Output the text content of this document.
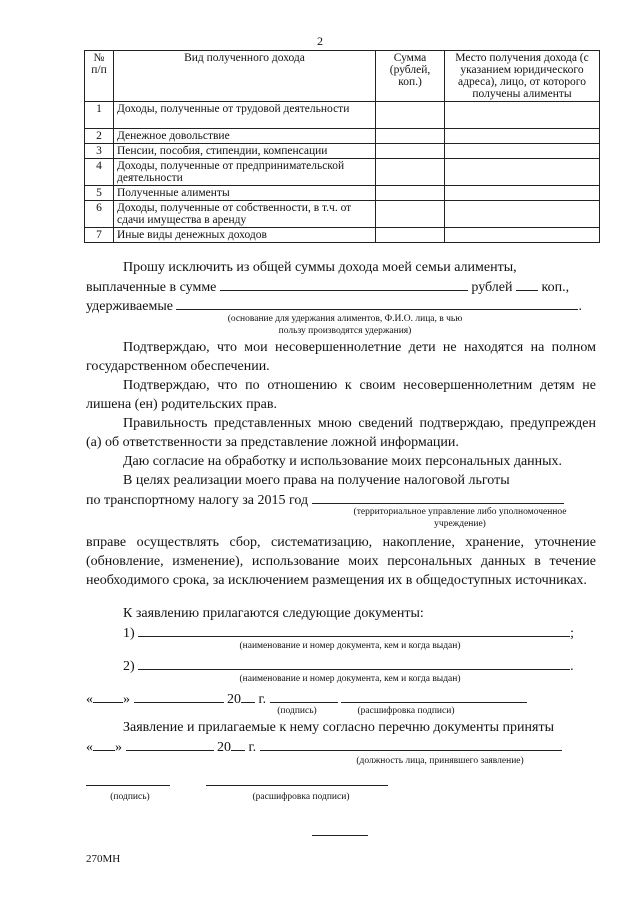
2
№ п/п	Вид полученного дохода	Сумма (рублей, коп.)	Место получения дохода (с указанием юридического адреса), лицо, от которого получены алименты
1	Доходы, полученные от трудовой деятельности		
2	Денежное довольствие		
3	Пенсии, пособия, стипендии, компенсации		
4	Доходы, полученные от предпринимательской деятельности		
5	Полученные алименты		
6	Доходы, полученные от собственности, в т.ч. от сдачи имущества в аренду		
7	Иные виды денежных доходов		
Прошу исключить из общей суммы дохода моей семьи алименты,
выплаченные в сумме	рублей коп.,
удерживаемые	.
(основание для удержания алиментов, Ф.И.О. лица, в чью пользу производятся удержания)
Подтверждаю, что мои несовершеннолетние дети не находятся на полном государственном обеспечении.
Подтверждаю, что по отношению к своим несовершеннолетним детям не лишена (ен) родительских прав.
Правильность представленных мною сведений подтверждаю, предупрежден (а) об ответственности за представление ложной информации.
Даю согласие на обработку и использование моих персональных данных.
В целях реализации моего права на получение налоговой льготы
по транспортному налогу за 2015 год
(территориальное управление либо уполномоченное учреждение)
вправе осуществлять сбор, систематизацию, накопление, хранение, уточнение (обновление, изменение), использование моих персональных данных в течение необходимого срока, за исключением размещения их в общедоступных источниках.
К заявлению прилагаются следующие документы:
1)	;
(наименование и номер документа, кем и когда выдан)
2)	.
(наименование и номер документа, кем и когда выдан)
« »	20 г.
(подпись)	(расшифровка подписи)
Заявление и прилагаемые к нему согласно перечню документы приняты
« »	20 г.
(должность лица, принявшего заявление)
(подпись)	(расшифровка подписи)
270МН
